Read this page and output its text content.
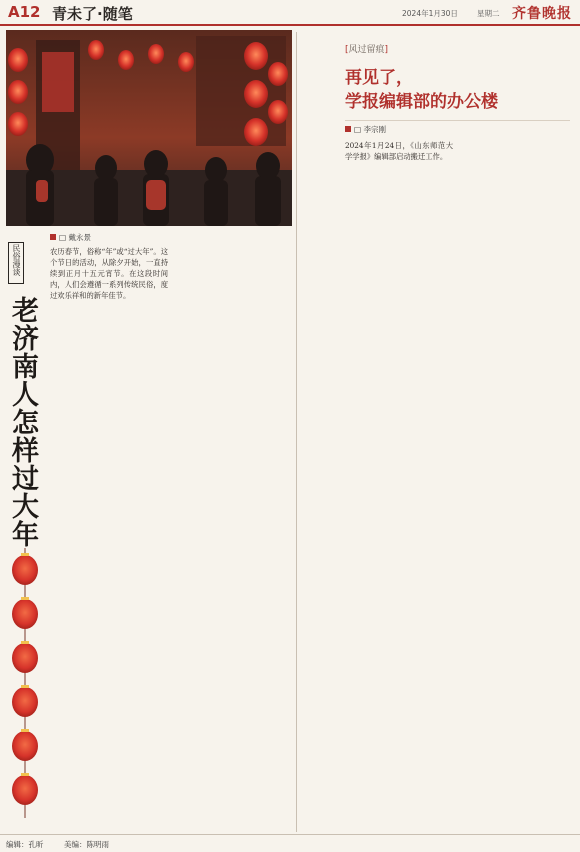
A12 青未了·随笔	2024年1月30日	星期二 齐鲁晚报
□ 戴永景
民俗漫谈
老济南人怎样过大年
农历春节，俗称“年”或“过大年”。这个节日的活动，从除夕开始，一直持续到正月十五元宵节。在这段时间内，人们会遵循一系列传统民俗，度过欢乐祥和的新年佳节。
[风过留痕]
再见了，
学报编辑部的办公楼
□ 李宗刚
2024年1月24日，《山东师范大学学报》编辑部启动搬迁工作。
编辑：孔昕	美编：陈明雨
